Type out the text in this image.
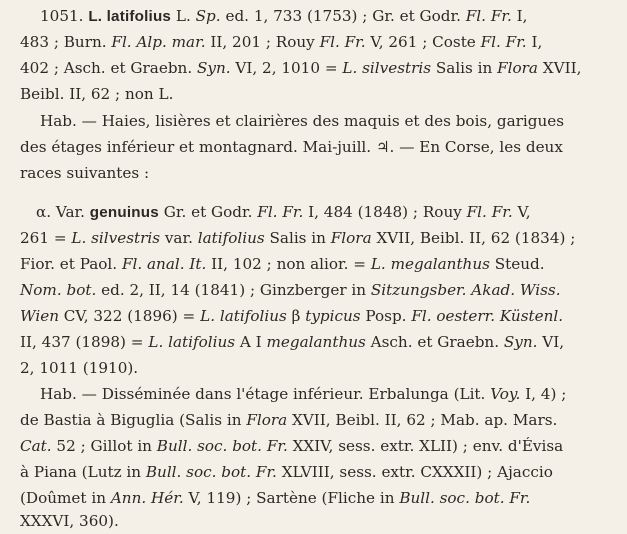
1051. L. latifolius L. Sp. ed. 1, 733 (1753) ; Gr. et Godr. Fl. Fr. I,
483 ; Burn. Fl. Alp. mar. II, 201 ; Rouy Fl. Fr. V, 261 ; Coste Fl. Fr. I,
402 ; Asch. et Graebn. Syn. VI, 2, 1010 = L. silvestris Salis in Flora XVII,
Beibl. II, 62 ; non L.
Hab. — Haies, lisières et clairières des maquis et des bois, garigues
des étages inférieur et montagnard. Mai-juill. ♃. — En Corse, les deux
races suivantes :
α. Var. genuinus Gr. et Godr. Fl. Fr. I, 484 (1848) ; Rouy Fl. Fr. V,
261 = L. silvestris var. latifolius Salis in Flora XVII, Beibl. II, 62 (1834) ;
Fior. et Paol. Fl. anal. It. II, 102 ; non alior. = L. megalanthus Steud.
Nom. bot. ed. 2, II, 14 (1841) ; Ginzberger in Sitzungsber. Akad. Wiss.
Wien CV, 322 (1896) = L. latifolius β typicus Posp. Fl. oesterr. Küstenl.
II, 437 (1898) = L. latifolius A I megalanthus Asch. et Graebn. Syn. VI,
2, 1011 (1910).
Hab. — Disséminée dans l'étage inférieur. Erbalunga (Lit. Voy. I, 4) ;
de Bastia à Biguglia (Salis in Flora XVII, Beibl. II, 62 ; Mab. ap. Mars.
Cat. 52 ; Gillot in Bull. soc. bot. Fr. XXIV, sess. extr. XLII) ; env. d'Évisa
à Piana (Lutz in Bull. soc. bot. Fr. XLVIII, sess. extr. CXXXII) ; Ajaccio
(Doûmet in Ann. Hér. V, 119) ; Sartène (Fliche in Bull. soc. bot. Fr.
XXXVI, 360).
